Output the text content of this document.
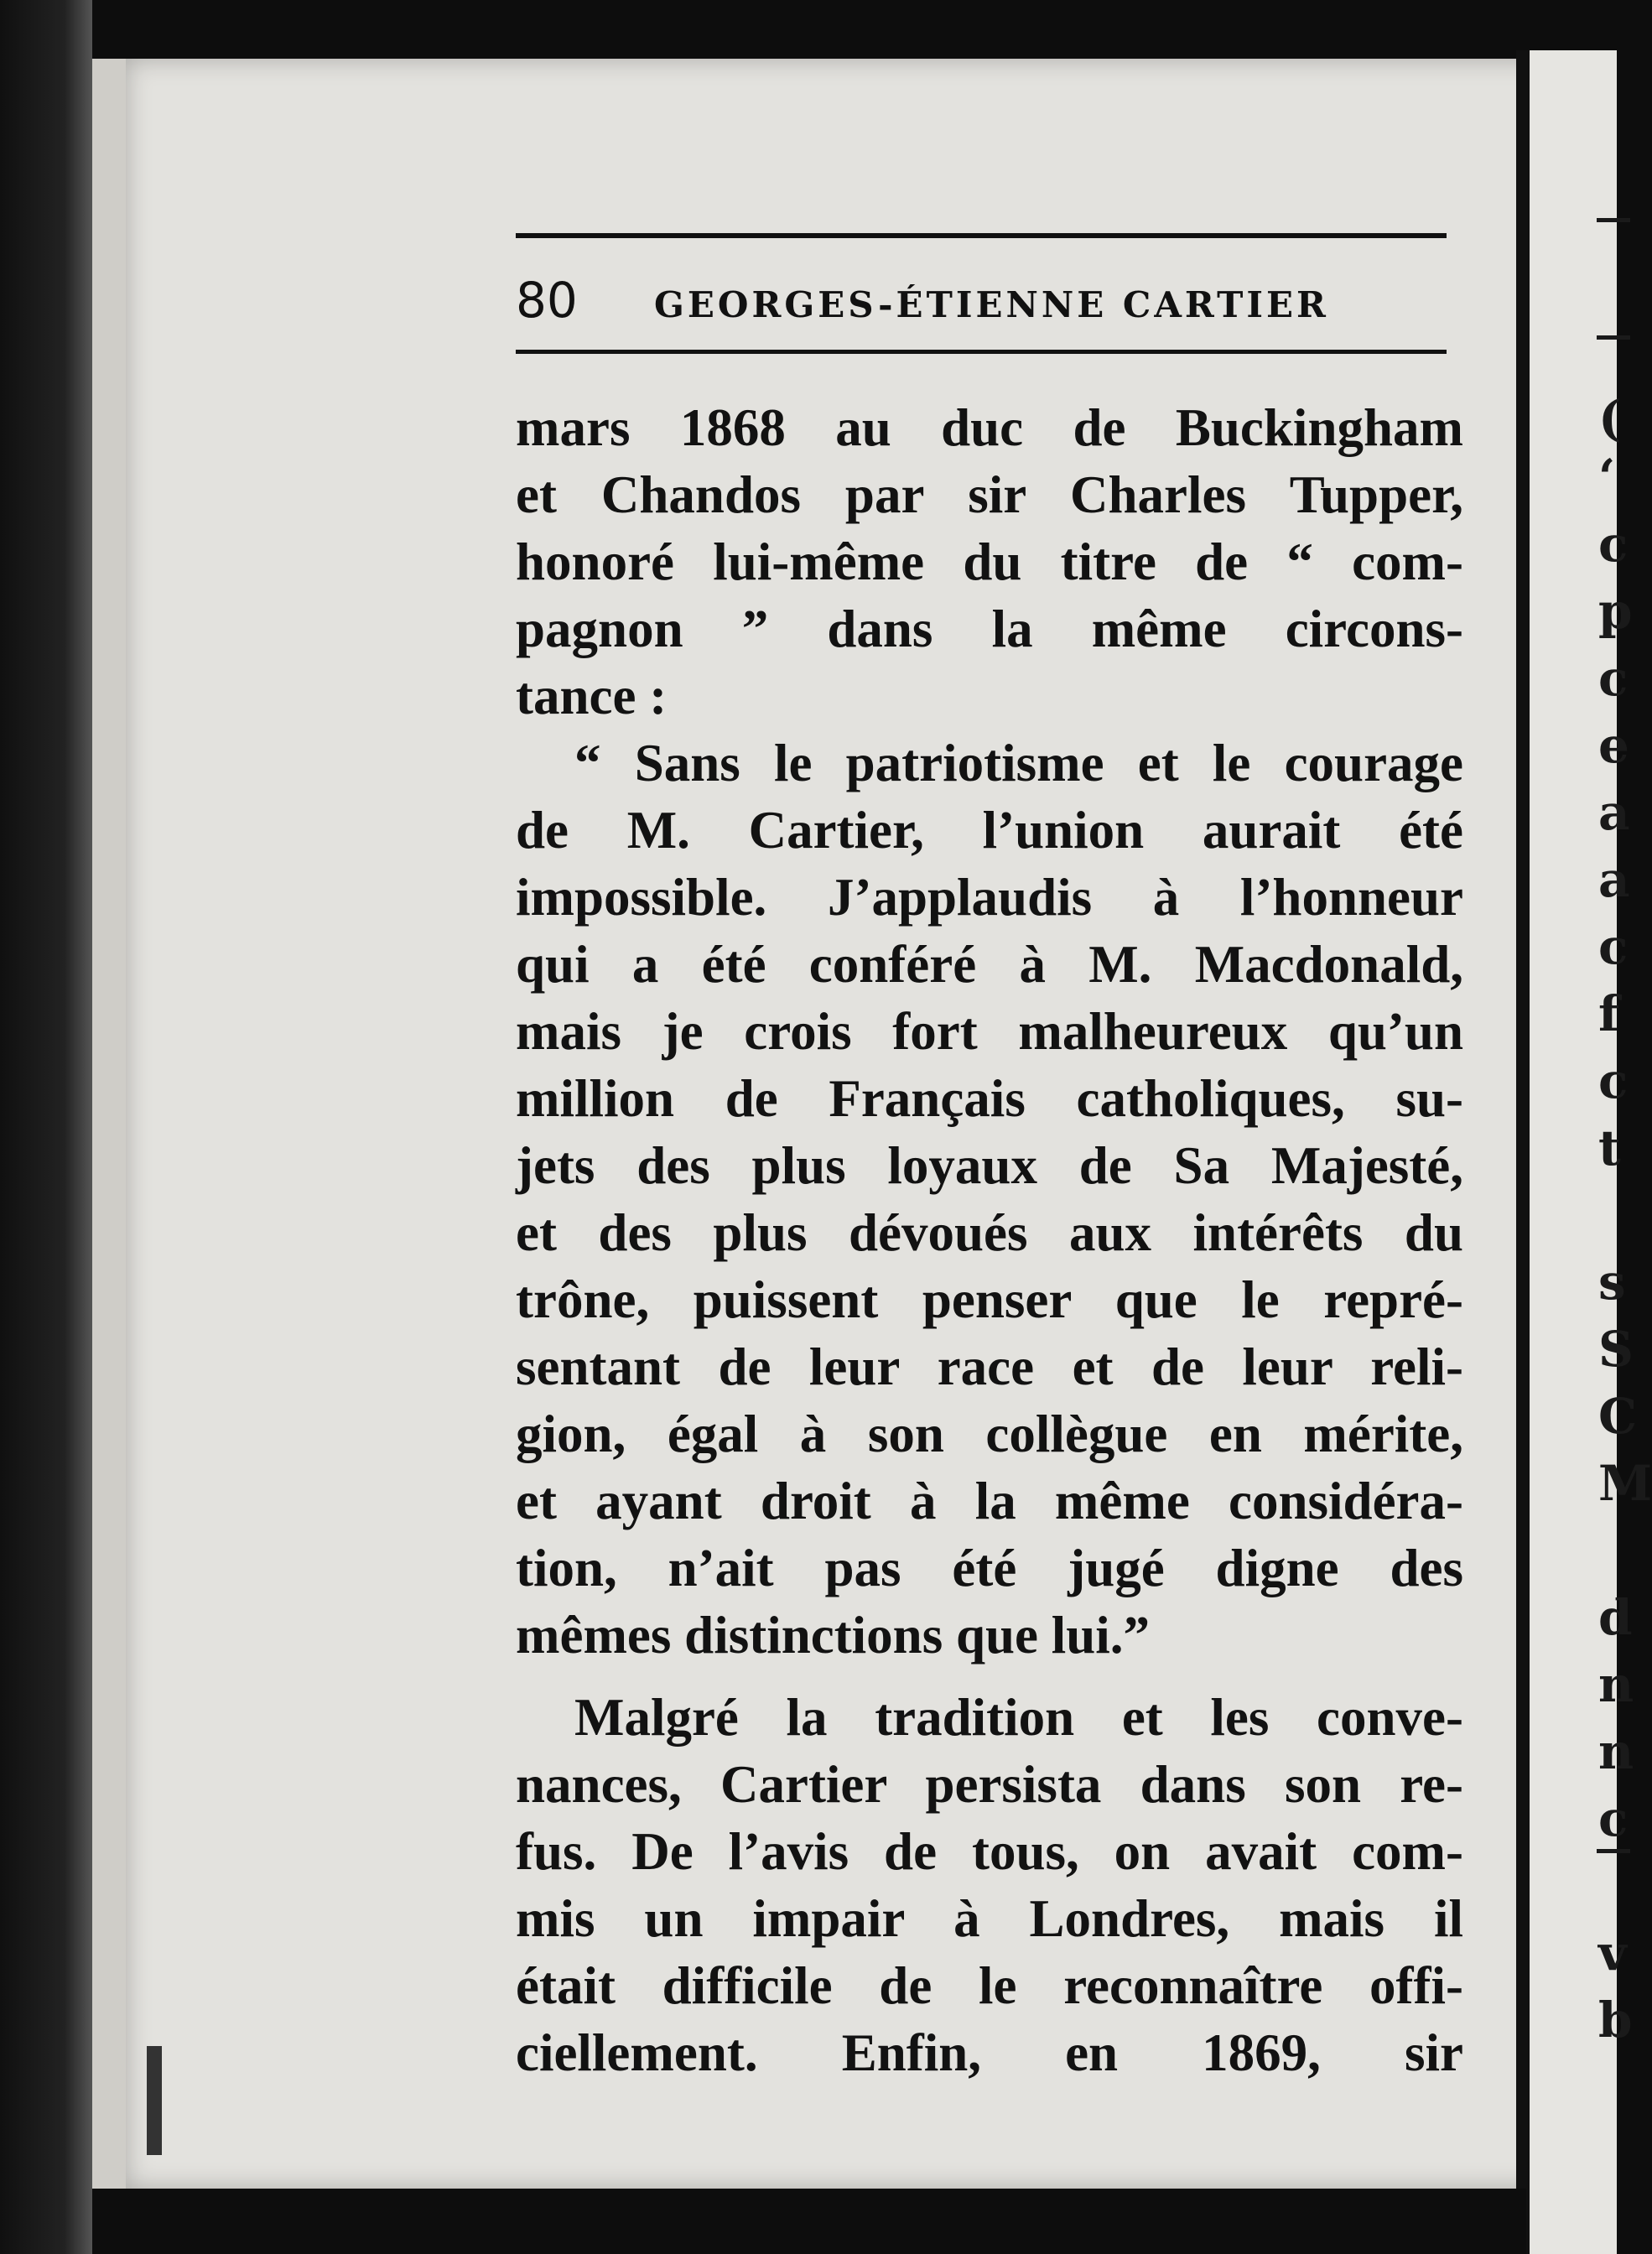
80 GEORGES-ÉTIENNE CARTIER
mars 1868 au duc de Buckingham
et Chandos par sir Charles Tupper,
honoré lui-même du titre de “ com-
pagnon ” dans la même circons-
tance :
“ Sans le patriotisme et le courage
de M. Cartier, l’union aurait été
impossible. J’applaudis à l’honneur
qui a été conféré à M. Macdonald,
mais je crois fort malheureux qu’un
million de Français catholiques, su-
jets des plus loyaux de Sa Majesté,
et des plus dévoués aux intérêts du
trône, puissent penser que le repré-
sentant de leur race et de leur reli-
gion, égal à son collègue en mérite,
et ayant droit à la même considéra-
tion, n’ait pas été jugé digne des
mêmes distinctions que lui.”
Malgré la tradition et les conve-
nances, Cartier persista dans son re-
fus. De l’avis de tous, on avait com-
mis un impair à Londres, mais il
était difficile de le reconnaître offi-
ciellement. Enfin, en 1869, sir
(
‘
c
p
c
e
a
a
c
f
c
t
s
S
C
M
d
n
n
c
v
b
